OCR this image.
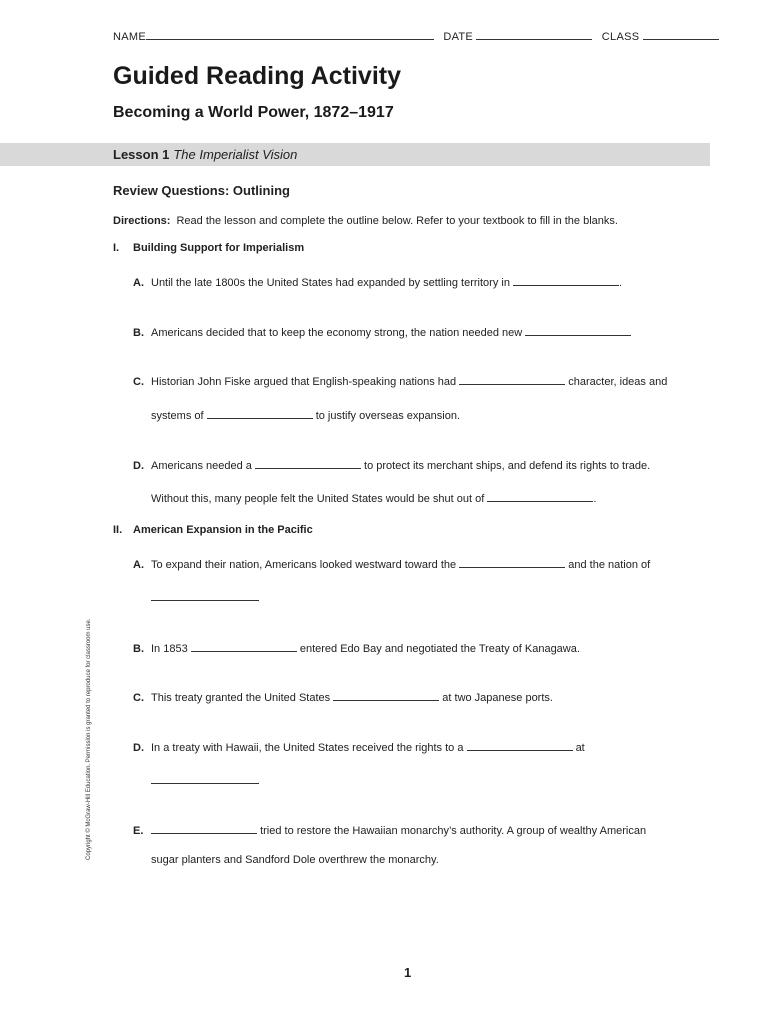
NAME	DATE	CLASS
Guided Reading Activity
Becoming a World Power, 1872–1917
Lesson 1 The Imperialist Vision
Review Questions: Outlining
Directions: Read the lesson and complete the outline below. Refer to your textbook to fill in the blanks.
I. Building Support for Imperialism
A. Until the late 1800s the United States had expanded by settling territory in	.
B. Americans decided that to keep the economy strong, the nation needed new
C. Historian John Fiske argued that English-speaking nations had	character, ideas and
systems of	to justify overseas expansion.
D. Americans needed a	to protect its merchant ships, and defend its rights to trade.
Without this, many people felt the United States would be shut out of	.
II. American Expansion in the Pacific
A. To expand their nation, Americans looked westward toward the	and the nation of
B. In 1853	entered Edo Bay and negotiated the Treaty of Kanagawa.
C. This treaty granted the United States	at two Japanese ports.
D. In a treaty with Hawaii, the United States received the rights to a	at
E.	tried to restore the Hawaiian monarchy’s authority. A group of wealthy American
sugar planters and Sandford Dole overthrew the monarchy.
Copyright © McGraw-Hill Education. Permission is granted to reproduce for classroom use.
1
